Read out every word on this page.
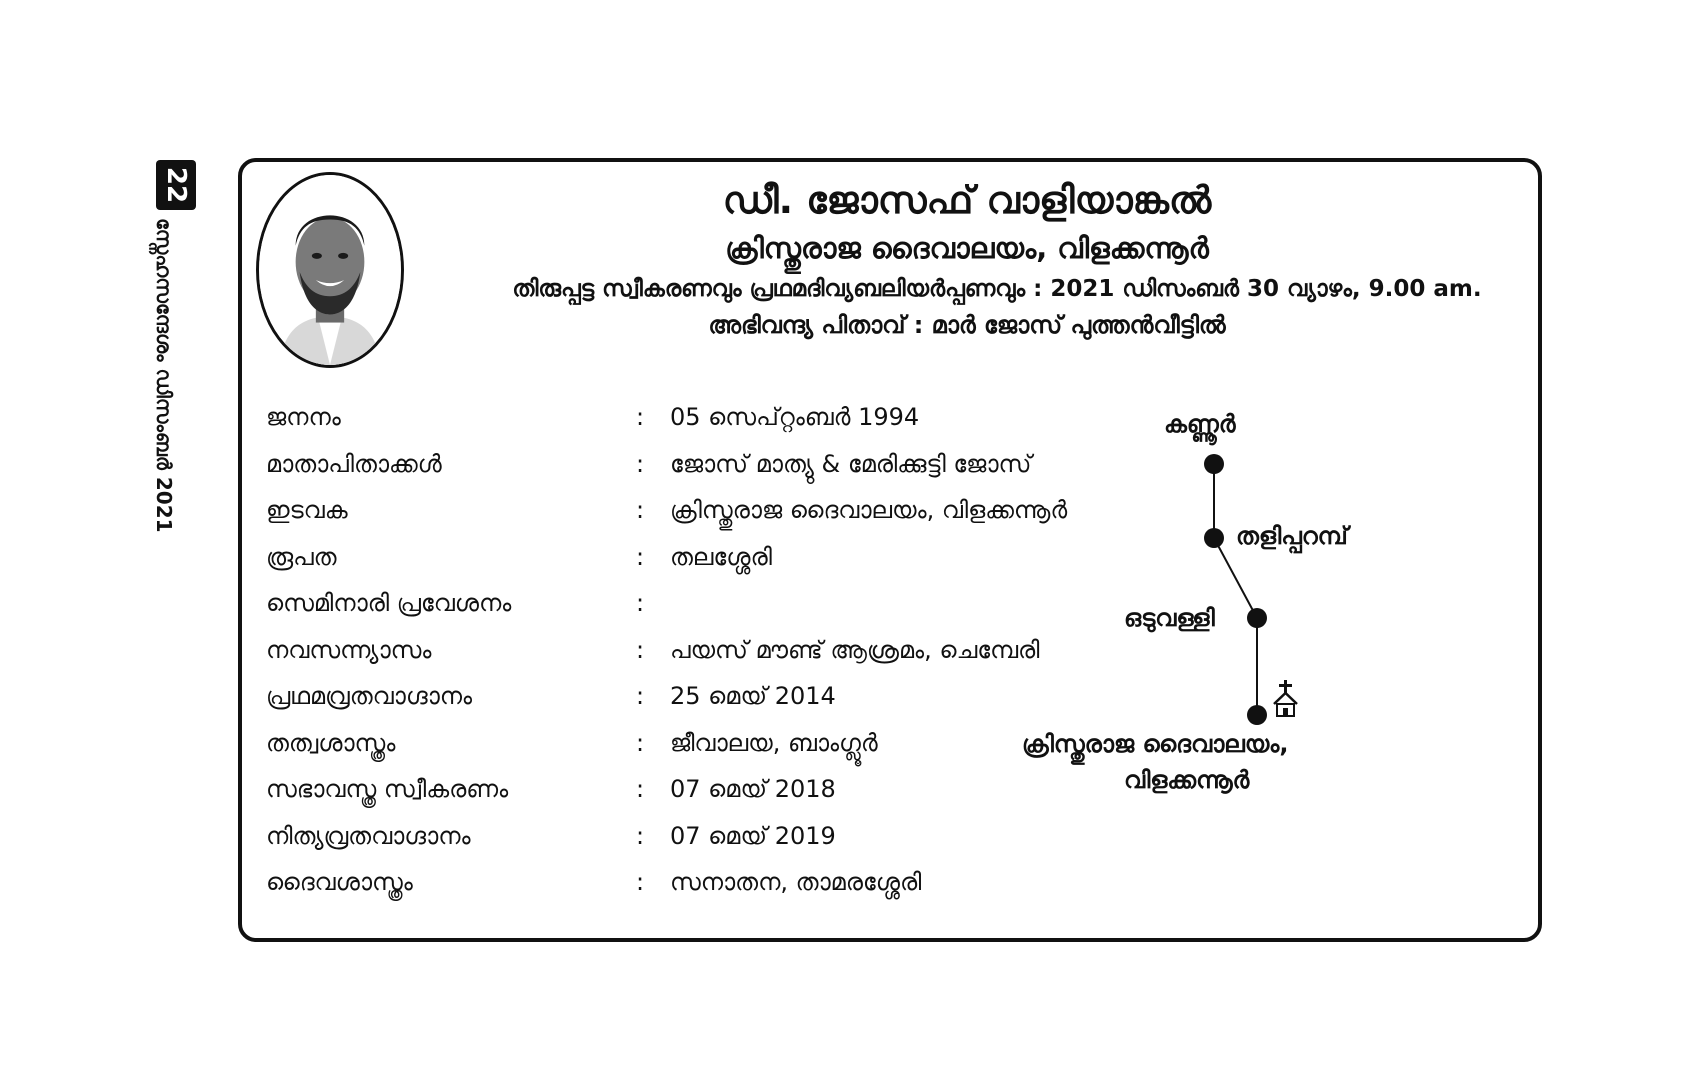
22
സ്നേഹസന്ദേശം ഡിസംബർ 2021
ഡീ. ജോസഫ് വാളിയാങ്കൽ
ക്രിസ്തുരാജ ദൈവാലയം, വിളക്കന്നൂർ
തിരുപ്പട്ട സ്വീകരണവും പ്രഥമദിവ്യബലിയർപ്പണവും : 2021 ഡിസംബർ 30 വ്യാഴം, 9.00 am.
അഭിവന്ദ്യ പിതാവ് : മാർ ജോസ് പുത്തൻവീട്ടിൽ
ജനനം	:	05 സെപ്റ്റംബർ 1994
മാതാപിതാക്കൾ	:	ജോസ് മാത്യു & മേരിക്കുട്ടി ജോസ്
ഇടവക	:	ക്രിസ്തുരാജ ദൈവാലയം, വിളക്കന്നൂർ
രൂപത	:	തലശ്ശേരി
സെമിനാരി പ്രവേശനം	:
നവസന്ന്യാസം	:	പയസ് മൗണ്ട് ആശ്രമം, ചെമ്പേരി
പ്രഥമവ്രതവാഗ്ദാനം	:	25 മെയ് 2014
തത്വശാസ്ത്രം	:	ജീവാലയ, ബാംഗ്ലൂർ
സഭാവസ്ത്ര സ്വീകരണം	:	07 മെയ് 2018
നിത്യവ്രതവാഗ്ദാനം	:	07 മെയ് 2019
ദൈവശാസ്ത്രം	:	സനാതന, താമരശ്ശേരി
കണ്ണൂർ
തളിപ്പറമ്പ്
ഒടുവള്ളി
ക്രിസ്തുരാജ ദൈവാലയം,
വിളക്കന്നൂർ
